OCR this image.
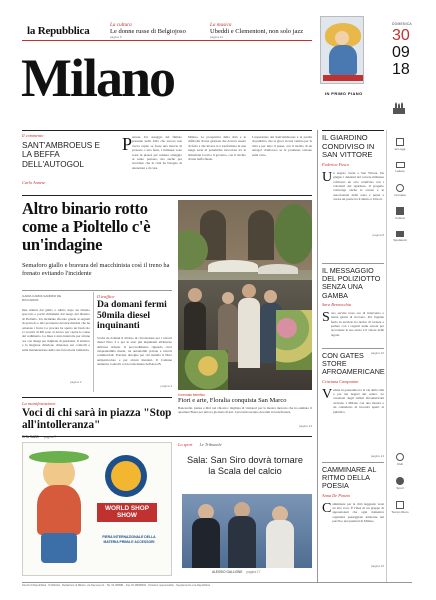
la Repubblica	La cultura
Le donne russe di Belgiojoso
pagina 9
La musica
Ubeddi e Clementoni, non solo jazz
pagina 11
DOMENICA
30
09
18
Milano	IN PRIMO PIANO
Il commento
SANT'AMBROEUS E LA BEFFA DELL'AUTOGOL
Carlo Annese
P ensate. Un assaggio del filmato presente nella folla che ancora non aveva capito se fosse una marcia di protesta o una festa, i milanesi sono scesi in piazza per rendere omaggio al santo patrono, ma anche per ricordare che la città ha bisogno di attenzioni e di cura.
Milano. Le prospettive della città e le difficoltà di una giornata che doveva essere di festa e che invece si è trasformata in una lunga serie di polemiche incrociate tra le istituzioni locali e il governo, con il rischio di una beffa finale.
L'esperienza del Sant'Ambroeus è la partita di pubblico che si gioca in una vetrina per la città e per tutto il paese, con il rischio di un autogol clamoroso se le promesse restano sulla carta.
Altro binario rotto come a Pioltello c'è un'indagine
Semaforo giallo e bravura del macchinista così il treno ha frenato evitando l'incidente
ILARIA CARRA SANDRO DE RICCARDIS
Due minuti dal giallo e subito dopo un binario spaccato a pochi chilometri dal luogo del disastro di Pioltello. Un incidente sfiorato grazie ai segnali di pericolo e alla prontezza del macchinista che ha azionato i freni. La procura ha aperto un fascicolo e i tecnici di Rfi sono al lavoro per capire le cause del cedimento. La linea è stata interrotta per alcune ore con disagi per migliaia di pendolari. Il sindaco e la Regione chiedono chiarezza sui controlli e sulla manutenzione della rete ferroviaria lombarda.
pagina 2
Il traffico
Da domani fermi 50mila diesel inquinanti
Scatta da domani il divieto di circolazione per i veicoli diesel Euro 3 e per le auto più inquinanti all'interno dell'area urbana. Il provvedimento riguarda circa cinquantamila mezzi, tra automobili private e veicoli commerciali. Previste deroghe per chi installa il filtro antiparticolato e per alcuni mestieri. Il Comune annuncia controlli con le telecamere dell'Area B.
pagina 3
La manifestazione
Voci di chi sarà in piazza "Stop all'intolleranza"
Il mercato benefico
Fiori e arte, Floralia conquista San Marco
Bancarelle, piante e libri nel chiostro: migliaia di visitatori per la mostra mercato che ha animato il quartiere Brera per tutta la giornata di ieri. I proventi saranno devoluti in beneficenza.
pagina 13
WORLD SHOP SHOW
FIERA INTERNAZIONALE DELLA MATERIA PRIMA E ACCESSORI
Lo sport Le Tribunale
Sala: San Siro dovrà tornare la Scala del calcio
ALESSIO GALLIONE pagina 17
IL GIARDINO CONDIVISO IN SAN VITTORE
Federica Fusco
U n angolo verde a San Vittore. Da giugno i detenuti del carcere milanese coltivano un orto condiviso con i volontari del quartiere. Il progetto coinvolge anche le scuole e le associazioni della zona e punta a creare un ponte tra il dentro e il fuori.
pagina 8
IL MESSAGGIO DEL POLIZIOTTO SENZA UNA GAMBA
Sara Bernacchia
S ono servite nove ore di intervento e trenta giorni di ricovero. Poi l'agente ferito in servizio ha deciso di tornare a parlare con i ragazzi nelle scuole per raccontare la sua storia e il valore delle regole.
pagina 10
CON GATES STORE AFROAMERICANE
Cristiana Campanini
V edute in passerella tra le vie della città e poi nei negozi del centro. Le creazioni degli stilisti afroamericani arrivano a Milano con una mostra e un calendario di incontri aperti al pubblico.
pagina 14
CAMMINARE AL RITMO DELLA POESIA
Anna De Ponzio
C amminare per la città leggendo versi ad alta voce. È l'idea di un gruppo di appassionati che ogni domenica organizza passeggiate letterarie nei parchi e nei quartieri di Milano.
pagina 16
Ieri oggi
Lettere
Cronaca
Cultura
Spettacoli
Club
Sport
Tempo libero
Servizi di Repubblica · Pubblicità · Redazione di Milano: via Nervesa 21 · Tel. 02 480981 · Fax 02 48098294 · Direttore responsabile · Supplemento a la Repubblica
